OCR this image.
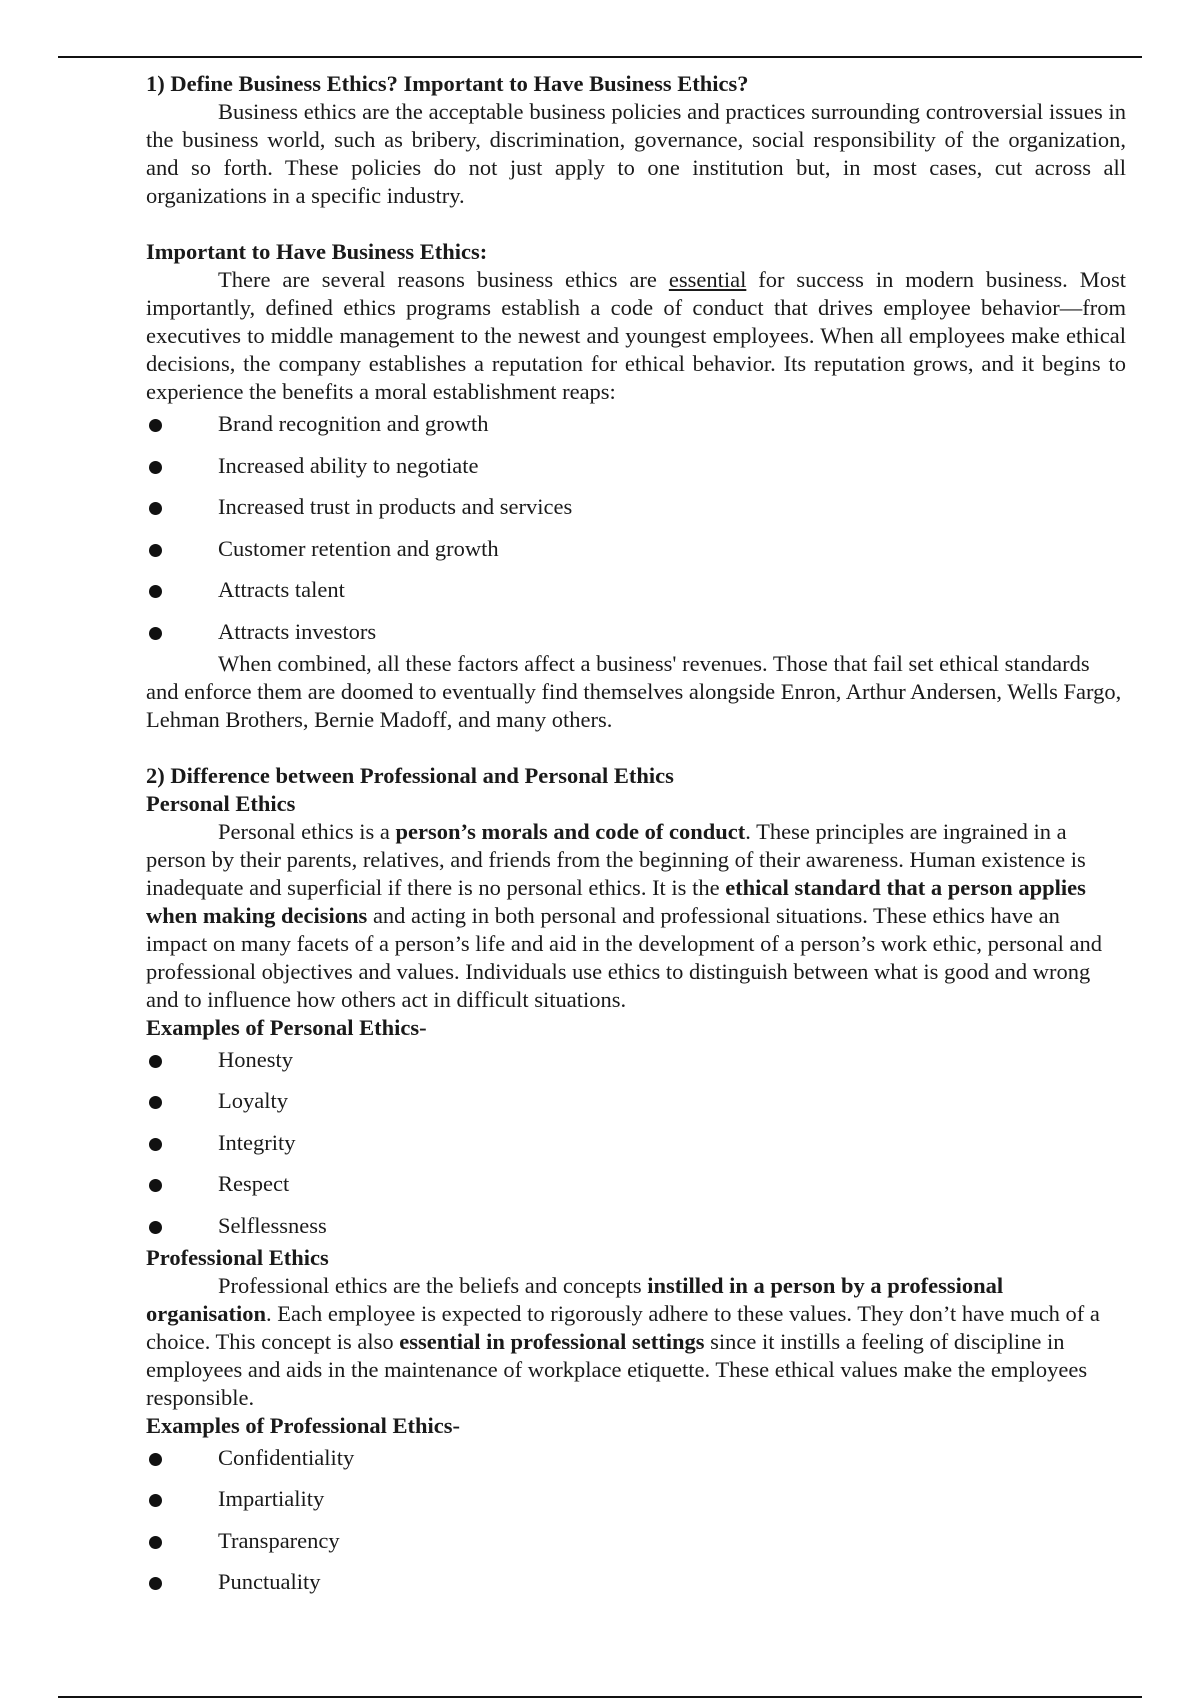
1) Define Business Ethics? Important to Have Business Ethics?

Business ethics are the acceptable business policies and practices surrounding controversial issues in the business world, such as bribery, discrimination, governance, social responsibility of the organization, and so forth. These policies do not just apply to one institution but, in most cases, cut across all organizations in a specific industry.

Important to Have Business Ethics:

There are several reasons business ethics are essential for success in modern business. Most importantly, defined ethics programs establish a code of conduct that drives employee behavior—from executives to middle management to the newest and youngest employees. When all employees make ethical decisions, the company establishes a reputation for ethical behavior. Its reputation grows, and it begins to experience the benefits a moral establishment reaps:

Brand recognition and growth
Increased ability to negotiate
Increased trust in products and services
Customer retention and growth
Attracts talent
Attracts investors

When combined, all these factors affect a business' revenues. Those that fail set ethical standards and enforce them are doomed to eventually find themselves alongside Enron, Arthur Andersen, Wells Fargo, Lehman Brothers, Bernie Madoff, and many others.

2) Difference between Professional and Personal Ethics

Personal Ethics

Personal ethics is a person’s morals and code of conduct. These principles are ingrained in a person by their parents, relatives, and friends from the beginning of their awareness. Human existence is inadequate and superficial if there is no personal ethics. It is the ethical standard that a person applies when making decisions and acting in both personal and professional situations. These ethics have an impact on many facets of a person’s life and aid in the development of a person’s work ethic, personal and professional objectives and values. Individuals use ethics to distinguish between what is good and wrong and to influence how others act in difficult situations.

Examples of Personal Ethics-

Honesty
Loyalty
Integrity
Respect
Selflessness

Professional Ethics

Professional ethics are the beliefs and concepts instilled in a person by a professional organisation. Each employee is expected to rigorously adhere to these values. They don’t have much of a choice. This concept is also essential in professional settings since it instills a feeling of discipline in employees and aids in the maintenance of workplace etiquette. These ethical values make the employees responsible.

Examples of Professional Ethics-

Confidentiality
Impartiality
Transparency
Punctuality
